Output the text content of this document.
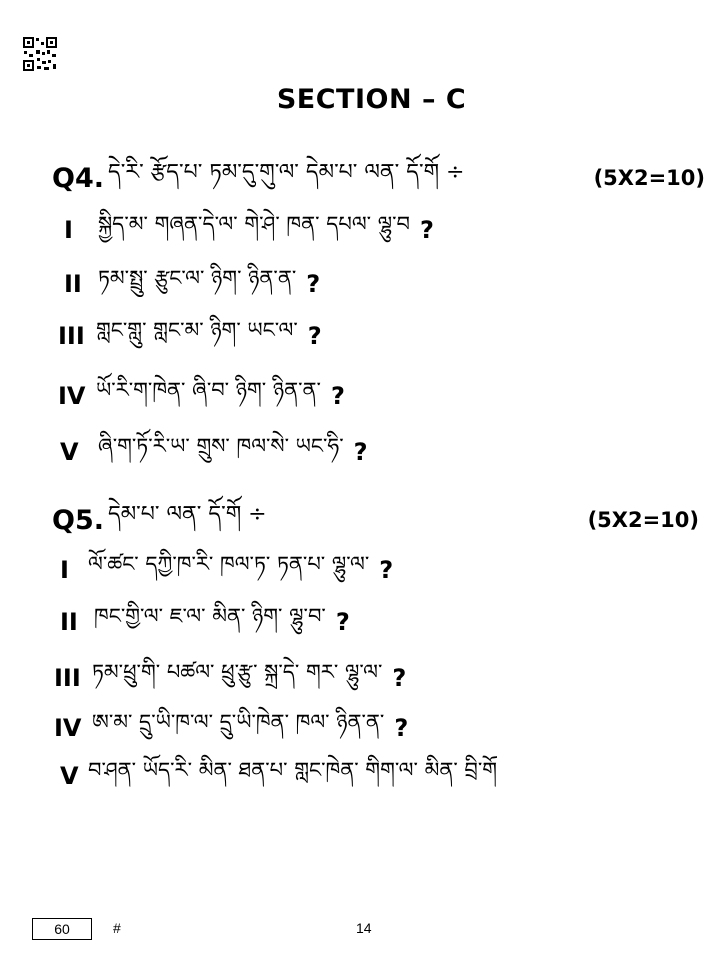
SECTION – C
Q4. དེ་རི་ རྩོད་པ་ ཏམ་དུ་གུ་ལ་ དེམ་པ་ ལན་ དོ་གོ ÷	(5X2=10)
I	སྐྱིད་མ་ གཞན་དེ་ལ་ གེ་ཤེ་ ཁན་ དཔལ་ ལྷུ་བ ?
II ཏམ་སྤྲུ་ རྩུང་ལ་ ཉིག་ ཉིན་ན་ ?
III གླང་གླུ་ གླང་མ་ ཉིག་ ཡང་ལ་ ?
IV ཡོ་རི་ག་ཁེན་ ཞི་བ་ ཉིག་ ཉིན་ན་ ?
V ཞི་ག་ཏོ་རི་ཡ་ གྲུས་ ཁལ་སེ་ ཡང་ཧི་ ?
Q5. དེམ་པ་ ལན་ དོ་གོ ÷	(5X2=10)
I ལོ་ཚང་ དཀྱི་ཁ་རི་ ཁལ་ཏ་ ཏན་པ་ ལྷུ་ལ་ ?
II ཁང་གྱི་ལ་ ཇ་ལ་ མིན་ ཉིག་ ལྷུ་བ་ ?
III ཏམ་ཕྲུ་གི་ པཚལ་ ཕྲུ་རྩུ་ སྐྲ་དེ་ གར་ ལྷུ་ལ་ ?
IV ཨ་མ་ དྲུ་ཡི་ཁ་ལ་ དྲུ་ཡི་ཁེན་ ཁལ་ ཉིན་ན་ ?
V བ་ཤན་ ཡོད་རི་ མིན་ ཐན་པ་ གླང་ཁེན་ གིག་ལ་ མིན་ བྲི་གོ
60	#	14
